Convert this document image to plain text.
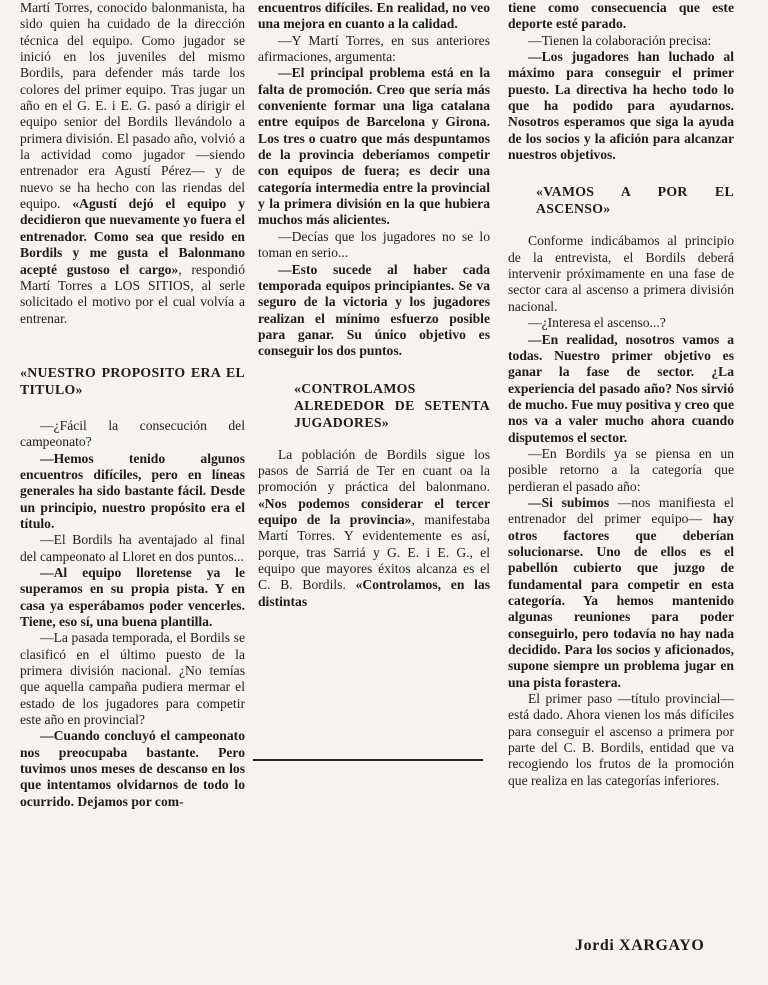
Martí Torres, conocido balonmanista, ha sido quien ha cuidado de la dirección técnica del equipo. Como jugador se inició en los juveniles del mismo Bordils, para defender más tarde los colores del primer equipo. Tras jugar un año en el G. E. i E. G. pasó a dirigir el equipo senior del Bordils llevándolo a primera división. El pasado año, volvió a la actividad como jugador —siendo entrenador era Agustí Pérez— y de nuevo se ha hecho con las riendas del equipo. «Agustí dejó el equipo y decidieron que nuevamente yo fuera el entrenador. Como sea que resido en Bordils y me gusta el Balonmano acepté gustoso el cargo», respondió Martí Torres a LOS SITIOS, al serle solicitado el motivo por el cual volvía a entrenar.

«NUESTRO PROPOSITO ERA EL TITULO»

—¿Fácil la consecución del campeonato?

—Hemos tenido algunos encuentros difíciles, pero en líneas generales ha sido bastante fácil. Desde un principio, nuestro propósito era el título.

—El Bordils ha aventajado al final del campeonato al Lloret en dos puntos...

—Al equipo lloretense ya le superamos en su propia pista. Y en casa ya esperábamos poder vencerles. Tiene, eso sí, una buena plantilla.

—La pasada temporada, el Bordils se clasificó en el último puesto de la primera división nacional. ¿No temías que aquella campaña pudiera mermar el estado de los jugadores para competir este año en provincial?

—Cuando concluyó el campeonato nos preocupaba bastante. Pero tuvimos unos meses de descanso en los que intentamos olvidarnos de todo lo ocurrido. Dejamos por com-

encuentros difíciles. En realidad, no veo una mejora en cuanto a la calidad.

—Y Martí Torres, en sus anteriores afirmaciones, argumenta:

—El principal problema está en la falta de promoción. Creo que sería más conveniente formar una liga catalana entre equipos de Barcelona y Girona. Los tres o cuatro que más despuntamos de la provincia deberíamos competir con equipos de fuera; es decir una categoría intermedia entre la provincial y la primera división en la que hubiera muchos más alicientes.

—Decías que los jugadores no se lo toman en serio...

—Esto sucede al haber cada temporada equipos principiantes. Se va seguro de la victoria y los jugadores realizan el mínimo esfuerzo posible para ganar. Su único objetivo es conseguir los dos puntos.

«CONTROLAMOS ALREDEDOR DE SETENTA JUGADORES»

La población de Bordils sigue los pasos de Sarriá de Ter en cuant oa la promoción y práctica del balonmano. «Nos podemos considerar el tercer equipo de la provincia», manifestaba Martí Torres. Y evidentemente es así, porque, tras Sarriá y G. E. i E. G., el equipo que mayores éxitos alcanza es el C. B. Bordils. «Controlamos, en las distintas

tiene como consecuencia que este deporte esté parado.

—Tienen la colaboración precisa:

—Los jugadores han luchado al máximo para conseguir el primer puesto. La directiva ha hecho todo lo que ha podido para ayudarnos. Nosotros esperamos que siga la ayuda de los socios y la afición para alcanzar nuestros objetivos.

«VAMOS A POR EL ASCENSO»

Conforme indicábamos al principio de la entrevista, el Bordils deberá intervenir próximamente en una fase de sector cara al ascenso a primera división nacional.

—¿Interesa el ascenso...?

—En realidad, nosotros vamos a todas. Nuestro primer objetivo es ganar la fase de sector. ¿La experiencia del pasado año? Nos sirvió de mucho. Fue muy positiva y creo que nos va a valer mucho ahora cuando disputemos el sector.

—En Bordils ya se piensa en un posible retorno a la categoría que perdieran el pasado año:

—Si subimos —nos manifiesta el entrenador del primer equipo— hay otros factores que deberían solucionarse. Uno de ellos es el pabellón cubierto que juzgo de fundamental para competir en esta categoría. Ya hemos mantenido algunas reuniones para poder conseguirlo, pero todavía no hay nada decidido. Para los socios y aficionados, supone siempre un problema jugar en una pista forastera.

El primer paso —título provincial— está dado. Ahora vienen los más difíciles para conseguir el ascenso a primera por parte del C. B. Bordils, entidad que va recogiendo los frutos de la promoción que realiza en las categorías inferiores.

Jordi XARGAYO
